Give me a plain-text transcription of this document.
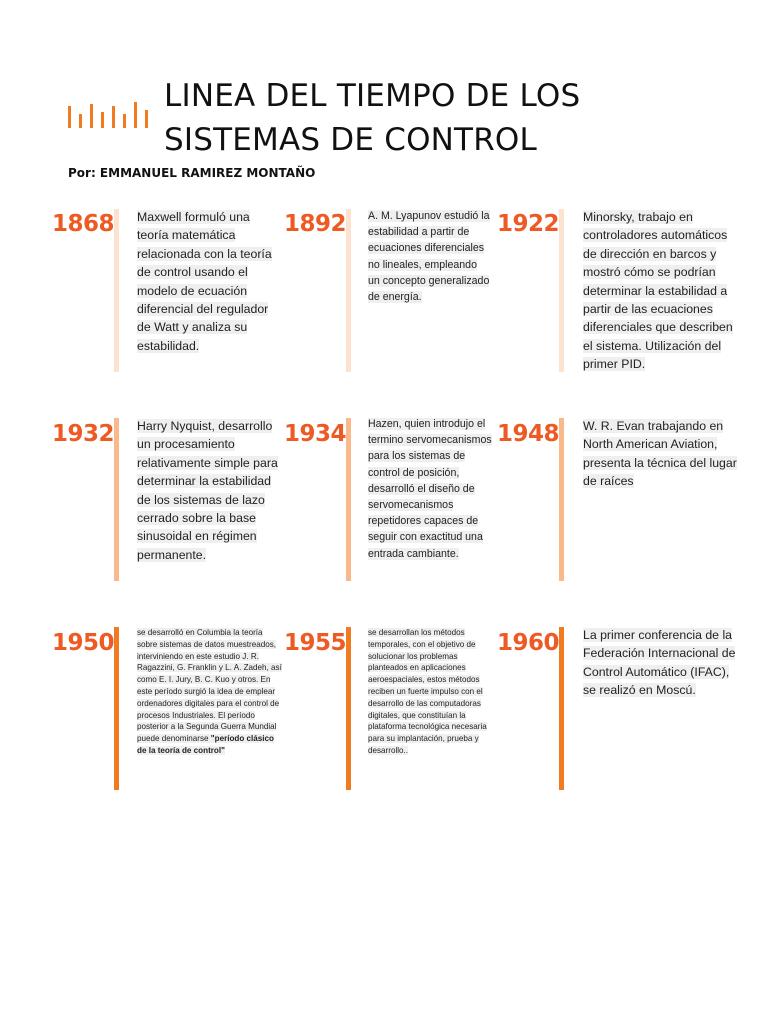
LINEA DEL TIEMPO DE LOS
SISTEMAS DE CONTROL
Por: EMMANUEL RAMIREZ MONTAÑO
1868 Maxwell formuló una teoría matemática relacionada con la teoría de control usando el modelo de ecuación diferencial del regulador de Watt y analiza su estabilidad.
1892 A. M. Lyapunov estudió la estabilidad a partir de ecuaciones diferenciales no lineales, empleando un concepto generalizado de energía.
1922 Minorsky, trabajo en controladores automáticos de dirección en barcos y mostró cómo se podrían determinar la estabilidad a partir de las ecuaciones diferenciales que describen el sistema. Utilización del primer PID.
1932 Harry Nyquist, desarrollo un procesamiento relativamente simple para determinar la estabilidad de los sistemas de lazo cerrado sobre la base sinusoidal en régimen permanente.
1934 Hazen, quien introdujo el termino servomecanismos para los sistemas de control de posición, desarrolló el diseño de servomecanismos repetidores capaces de seguir con exactitud una entrada cambiante.
1948 W. R. Evan trabajando en North American Aviation, presenta la técnica del lugar de raíces
1950	se desarrolló en Columbia la teoría sobre sistemas de datos muestreados, interviniendo en este estudio J. R. Ragazzini, G. Franklin y L. A. Zadeh, así como E. I. Jury, B. C. Kuo y otros. En este período surgió la idea de emplear ordenadores digitales para el control de procesos Industriales. El período posterior a la Segunda Guerra Mundial puede denominarse "período clásico de la teoría de control"
1955	se desarrollan los métodos temporales, con el objetivo de solucionar los problemas planteados en aplicaciones aeroespaciales, estos métodos reciben un fuerte impulso con el desarrollo de las computadoras digitales, que constituían la plataforma tecnológica necesaria para su implantación, prueba y desarrollo..
1960 La primer conferencia de la Federación Internacional de Control Automático (IFAC), se realizó en Moscú.
